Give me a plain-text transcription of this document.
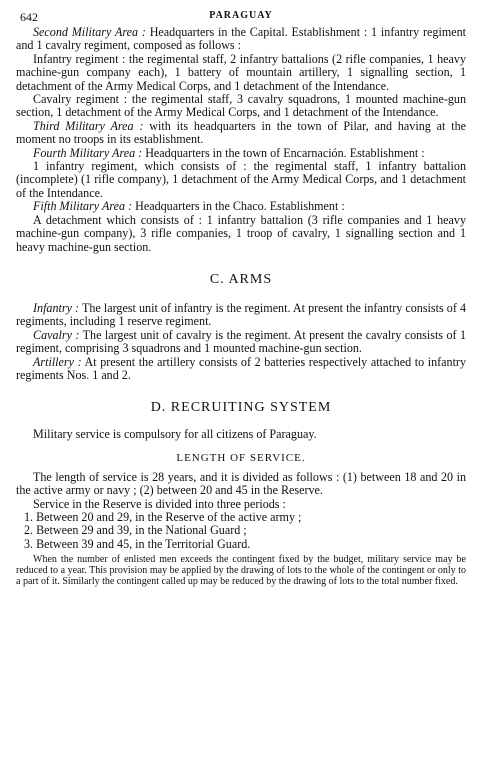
642	PARAGUAY

Second Military Area : Headquarters in the Capital. Establishment : 1 infantry regiment and 1 cavalry regiment, composed as follows :

Infantry regiment : the regimental staff, 2 infantry battalions (2 rifle companies, 1 heavy machine-gun company each), 1 battery of mountain artillery, 1 signalling section, 1 detachment of the Army Medical Corps, and 1 detachment of the Intendance.

Cavalry regiment : the regimental staff, 3 cavalry squadrons, 1 mounted machine-gun section, 1 detachment of the Army Medical Corps, and 1 detachment of the Intendance.

Third Military Area : with its headquarters in the town of Pilar, and having at the moment no troops in its establishment.

Fourth Military Area : Headquarters in the town of Encarnación. Establishment :

1 infantry regiment, which consists of : the regimental staff, 1 infantry battalion (incomplete) (1 rifle company), 1 detachment of the Army Medical Corps, and 1 detachment of the Intendance.

Fifth Military Area : Headquarters in the Chaco. Establishment :

A detachment which consists of : 1 infantry battalion (3 rifle companies and 1 heavy machine-gun company), 3 rifle companies, 1 troop of cavalry, 1 signalling section and 1 heavy machine-gun section.

C. ARMS

Infantry : The largest unit of infantry is the regiment. At present the infantry consists of 4 regiments, including 1 reserve regiment.

Cavalry : The largest unit of cavalry is the regiment. At present the cavalry consists of 1 regiment, comprising 3 squadrons and 1 mounted machine-gun section.

Artillery : At present the artillery consists of 2 batteries respectively attached to infantry regiments Nos. 1 and 2.

D. RECRUITING SYSTEM

Military service is compulsory for all citizens of Paraguay.

LENGTH OF SERVICE.

The length of service is 28 years, and it is divided as follows : (1) between 18 and 20 in the active army or navy ; (2) between 20 and 45 in the Reserve.

Service in the Reserve is divided into three periods :

1. Between 20 and 29, in the Reserve of the active army ;

2. Between 29 and 39, in the National Guard ;

3. Between 39 and 45, in the Territorial Guard.

When the number of enlisted men exceeds the contingent fixed by the budget, military service may be reduced to a year. This provision may be applied by the drawing of lots to the whole of the contingent or only to a part of it. Similarly the contingent called up may be reduced by the drawing of lots to the total number fixed.
